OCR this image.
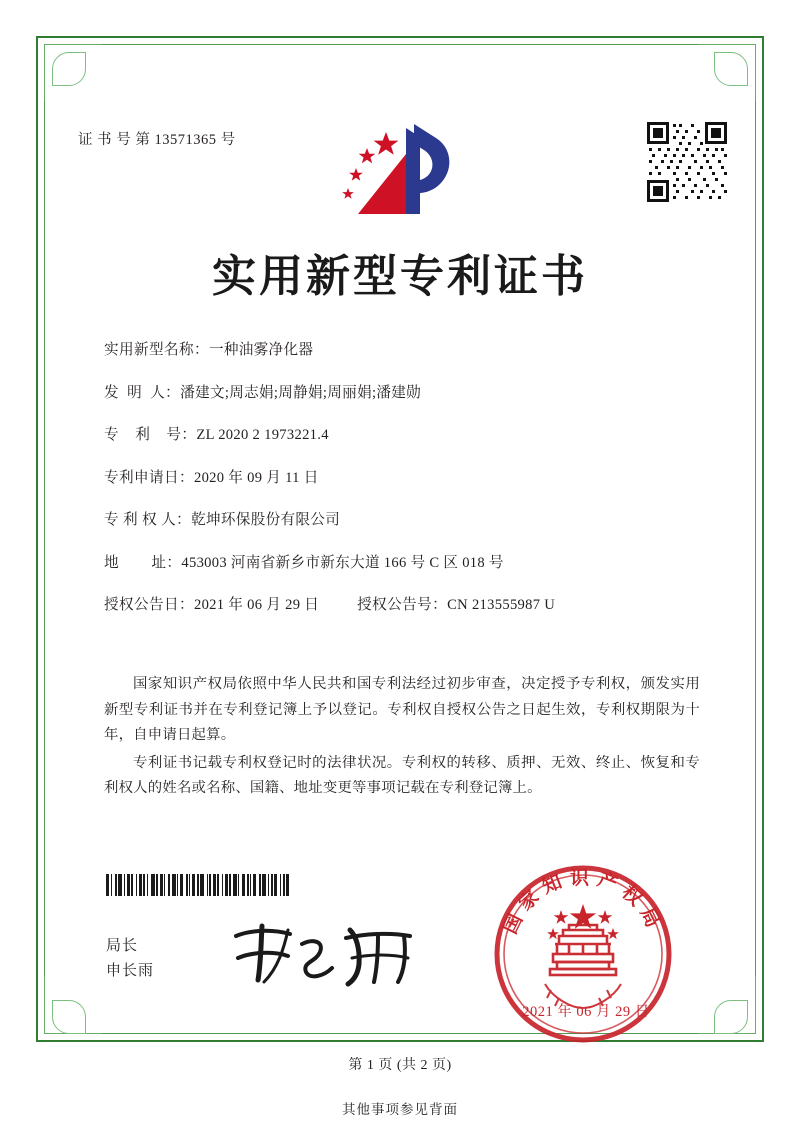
证 书 号 第 13571365 号
实用新型专利证书
实用新型名称： 一种油雾净化器
发  明  人： 潘建文;周志娟;周静娟;周丽娟;潘建勋
专    利    号： ZL 2020 2 1973221.4
专利申请日： 2020 年 09 月 11 日
专 利 权 人： 乾坤环保股份有限公司
地        址： 453003 河南省新乡市新东大道 166 号 C 区 018 号
授权公告日： 2021 年 06 月 29 日	授权公告号： CN 213555987 U

国家知识产权局依照中华人民共和国专利法经过初步审查，决定授予专利权，颁发实用新型专利证书并在专利登记簿上予以登记。专利权自授权公告之日起生效，专利权期限为十年，自申请日起算。

专利证书记载专利权登记时的法律状况。专利权的转移、质押、无效、终止、恢复和专利权人的姓名或名称、国籍、地址变更等事项记载在专利登记簿上。

局长
申长雨
国家知识产权局
2021 年 06 月 29 日
第 1 页 (共 2 页)
其他事项参见背面
